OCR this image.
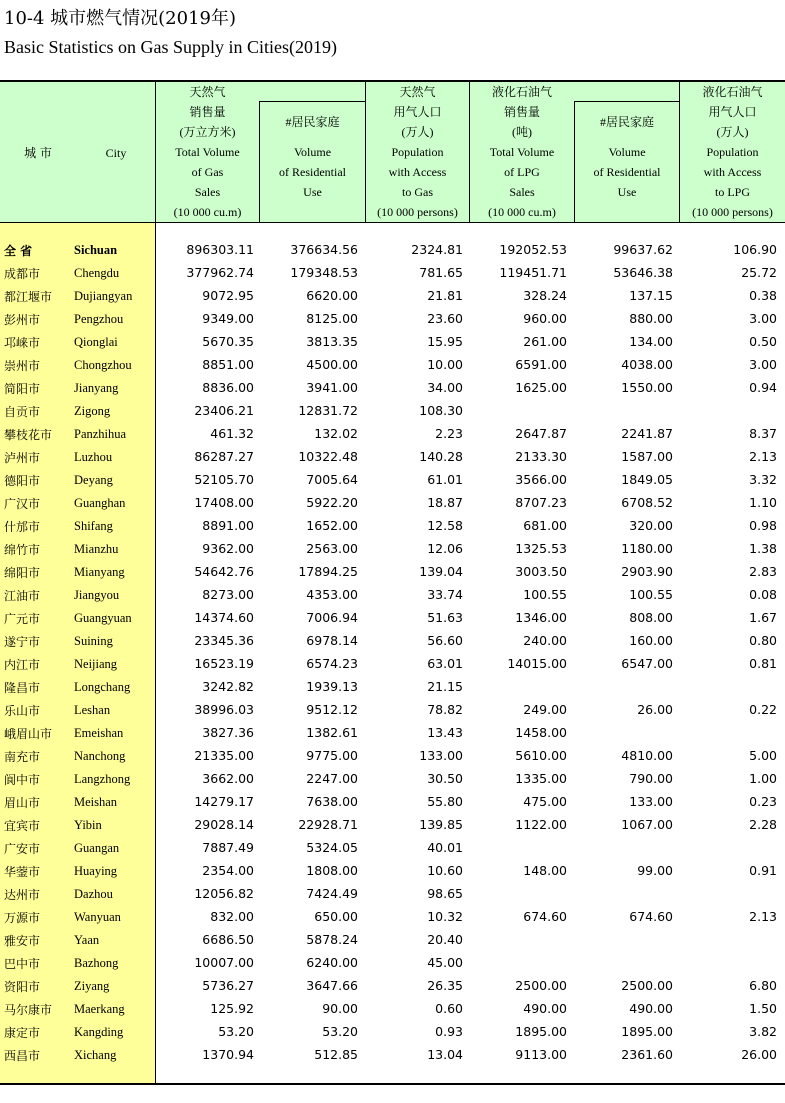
10-4 城市燃气情况(2019年)
Basic Statistics on Gas Supply in Cities(2019)
城 市	City
天然气
销售量
(万立方米)
Total Volume
of Gas
Sales
(10 000 cu.m)
#居民家庭
Volume
of Residential
Use
天然气
用气人口
(万人)
Population
with Access
to Gas
(10 000 persons)
液化石油气
销售量
(吨)
Total Volume
of LPG
Sales
(10 000 cu.m)
#居民家庭
Volume
of Residential
Use
液化石油气
用气人口
(万人)
Population
with Access
to LPG
(10 000 persons)
全 省	Sichuan	896303.11	376634.56	2324.81	192052.53	99637.62	106.90
成都市	Chengdu	377962.74	179348.53	781.65	119451.71	53646.38	25.72
都江堰市 Dujiangyan	9072.95	6620.00	21.81	328.24	137.15	0.38
彭州市	Pengzhou	9349.00	8125.00	23.60	960.00	880.00	3.00
邛崃市	Qionglai	5670.35	3813.35	15.95	261.00	134.00	0.50
崇州市	Chongzhou	8851.00	4500.00	10.00	6591.00	4038.00	3.00
简阳市	Jianyang	8836.00	3941.00	34.00	1625.00	1550.00	0.94
自贡市	Zigong	23406.21	12831.72	108.30
攀枝花市 Panzhihua	461.32	132.02	2.23	2647.87	2241.87	8.37
泸州市	Luzhou	86287.27	10322.48	140.28	2133.30	1587.00	2.13
德阳市	Deyang	52105.70	7005.64	61.01	3566.00	1849.05	3.32
广汉市	Guanghan	17408.00	5922.20	18.87	8707.23	6708.52	1.10
什邡市	Shifang	8891.00	1652.00	12.58	681.00	320.00	0.98
绵竹市	Mianzhu	9362.00	2563.00	12.06	1325.53	1180.00	1.38
绵阳市	Mianyang	54642.76	17894.25	139.04	3003.50	2903.90	2.83
江油市	Jiangyou	8273.00	4353.00	33.74	100.55	100.55	0.08
广元市	Guangyuan	14374.60	7006.94	51.63	1346.00	808.00	1.67
遂宁市	Suining	23345.36	6978.14	56.60	240.00	160.00	0.80
内江市	Neijiang	16523.19	6574.23	63.01	14015.00	6547.00	0.81
隆昌市	Longchang	3242.82	1939.13	21.15
乐山市	Leshan	38996.03	9512.12	78.82	249.00	26.00	0.22
峨眉山市 Emeishan	3827.36	1382.61	13.43	1458.00
南充市	Nanchong	21335.00	9775.00	133.00	5610.00	4810.00	5.00
阆中市	Langzhong	3662.00	2247.00	30.50	1335.00	790.00	1.00
眉山市	Meishan	14279.17	7638.00	55.80	475.00	133.00	0.23
宜宾市	Yibin	29028.14	22928.71	139.85	1122.00	1067.00	2.28
广安市	Guangan	7887.49	5324.05	40.01
华蓥市	Huaying	2354.00	1808.00	10.60	148.00	99.00	0.91
达州市	Dazhou	12056.82	7424.49	98.65
万源市	Wanyuan	832.00	650.00	10.32	674.60	674.60	2.13
雅安市	Yaan	6686.50	5878.24	20.40
巴中市	Bazhong	10007.00	6240.00	45.00
资阳市	Ziyang	5736.27	3647.66	26.35	2500.00	2500.00	6.80
马尔康市 Maerkang	125.92	90.00	0.60	490.00	490.00	1.50
康定市	Kangding	53.20	53.20	0.93	1895.00	1895.00	3.82
西昌市	Xichang	1370.94	512.85	13.04	9113.00	2361.60	26.00
